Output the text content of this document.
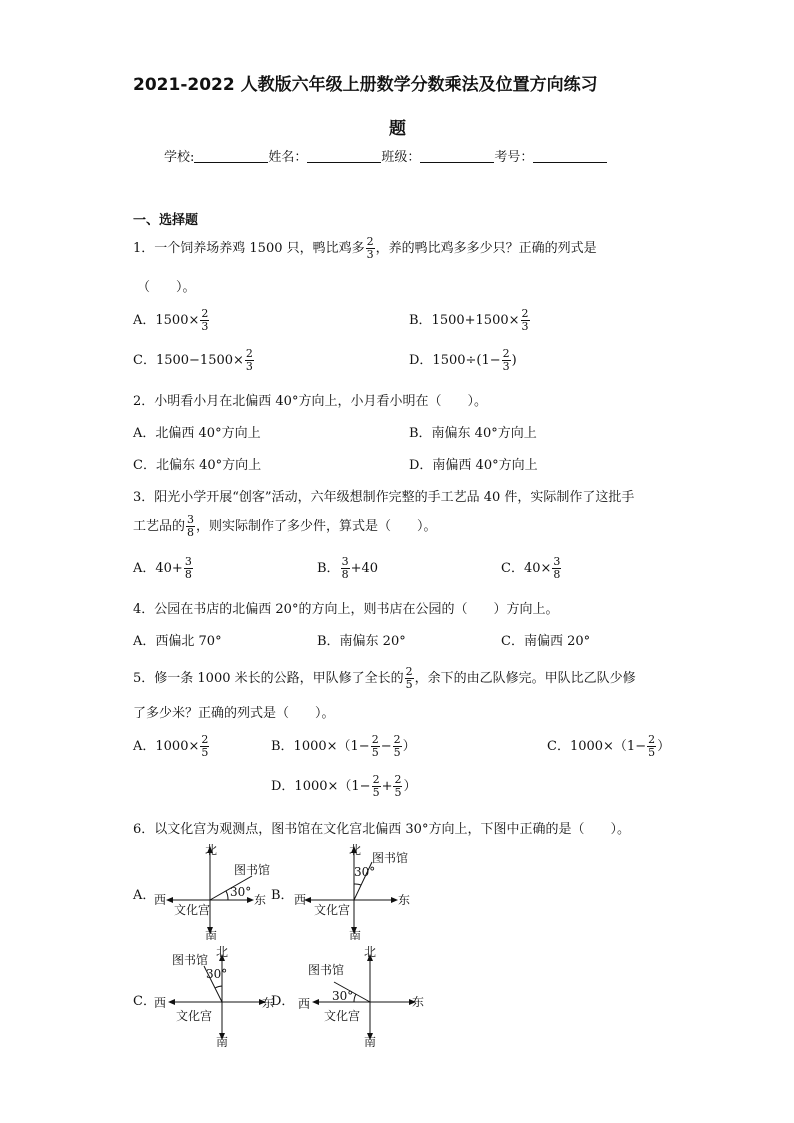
2021-2022 人教版六年级上册数学分数乘法及位置方向练习
题
学校:	姓名：	班级：	考号：
一、选择题
1．一个饲养场养鸡 1500 只，鸭比鸡多 $\frac{2}{3}$ ，养的鸭比鸡多多少只？正确的列式是
（　　）。
A．$1500\times \frac{2}{3}$	B．$1500+1500\times \frac{2}{3}$
C．$1500-1500\times \frac{2}{3}$	D．$1500\div(1- \frac{2}{3}$ )
2．小明看小月在北偏西 40°方向上，小月看小明在（　　）。
A．北偏西 40°方向上	B．南偏东 40°方向上
C．北偏东 40°方向上	D．南偏西 40°方向上
3．阳光小学开展“创客”活动，六年级想制作完整的手工艺品 40 件，实际制作了这批手
工艺品的 $\frac{3}{8}$ ，则实际制作了多少件，算式是（　　）。
A．$40+ \frac{3}{8}$	B． $\frac{3}{8} +40$	C．$40\times \frac{3}{8}$
4．公园在书店的北偏西 20°的方向上，则书店在公园的（　　）方向上。
A．西偏北 70°	B．南偏东 20°	C．南偏西 20°
5．修一条 1000 米长的公路，甲队修了全长的 $\frac{2}{5}$ ，余下的由乙队修完。甲队比乙队少修
了多少米？正确的列式是（　　）。
A．$1000\times \frac{2}{5}$	B．$1000\times(1- \frac{2}{5} - \frac{2}{5}$ ）	C．$1000\times(1- \frac{2}{5}$ ）
D．$1000\times(1- \frac{2}{5} + \frac{2}{5}$ ）
6．以文化宫为观测点，图书馆在文化宫北偏西 30°方向上，下图中正确的是（　　）。
A．	B．
C．	D．
北
南
东
西
文化宫
图书馆
30°
北
南
东
西
文化宫
图书馆
30°
北
南
东
西
文化宫
图书馆
30°
北
南
东
西
文化宫
图书馆
30°
